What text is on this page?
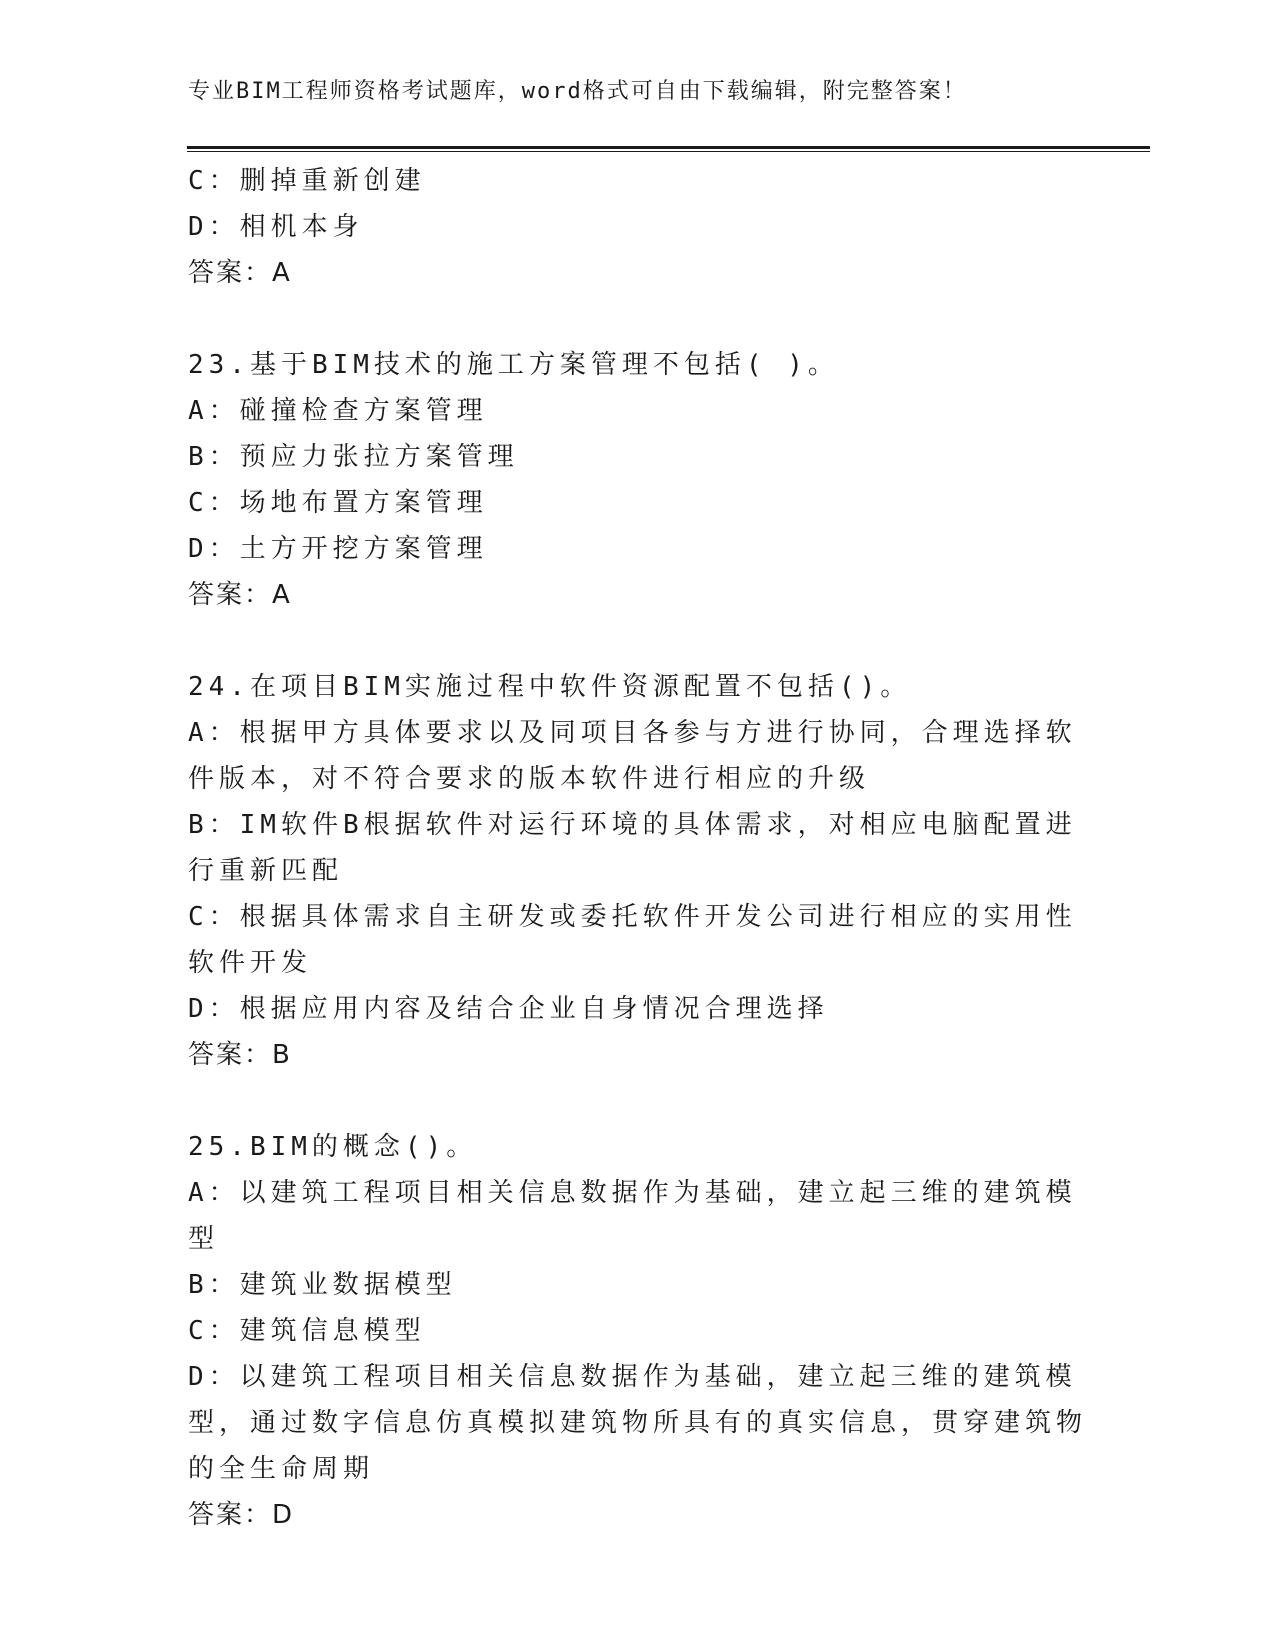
专业BIM工程师资格考试题库，word格式可自由下载编辑，附完整答案！
C：删掉重新创建
D：相机本身
答案：A
23.基于BIM技术的施工方案管理不包括( )。
A：碰撞检查方案管理
B：预应力张拉方案管理
C：场地布置方案管理
D：土方开挖方案管理
答案：A
24.在项目BIM实施过程中软件资源配置不包括()。
A：根据甲方具体要求以及同项目各参与方进行协同，合理选择软件版本，对不符合要求的版本软件进行相应的升级
B：IM软件B根据软件对运行环境的具体需求，对相应电脑配置进行重新匹配
C：根据具体需求自主研发或委托软件开发公司进行相应的实用性软件开发
D：根据应用内容及结合企业自身情况合理选择
答案：B
25.BIM的概念()。
A：以建筑工程项目相关信息数据作为基础，建立起三维的建筑模型
B：建筑业数据模型
C：建筑信息模型
D：以建筑工程项目相关信息数据作为基础，建立起三维的建筑模型，通过数字信息仿真模拟建筑物所具有的真实信息，贯穿建筑物的全生命周期
答案：D
